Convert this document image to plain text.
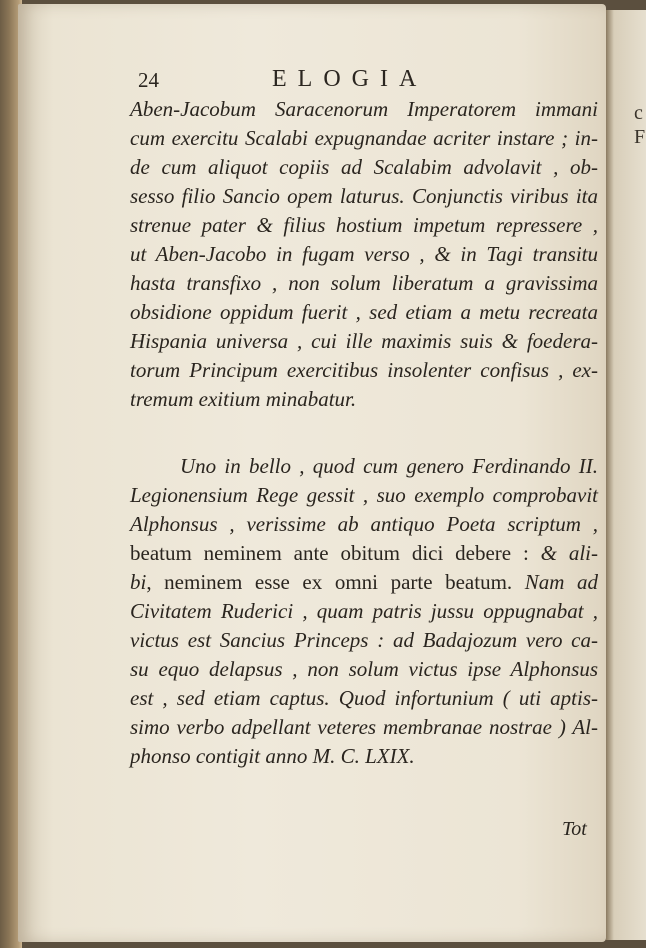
c
F
24	ELOGIA
Aben-Jacobum Saracenorum Imperatorem immani
cum exercitu Scalabi expugnandae acriter instare ; in-
de cum aliquot copiis ad Scalabim advolavit , ob-
sesso filio Sancio opem laturus. Conjunctis viribus ita
strenue pater & filius hostium impetum repressere ,
ut Aben-Jacobo in fugam verso , & in Tagi transitu
hasta transfixo , non solum liberatum a gravissima
obsidione oppidum fuerit , sed etiam a metu recreata
Hispania universa , cui ille maximis suis & foedera-
torum Principum exercitibus insolenter confisus , ex-
tremum exitium minabatur.
Uno in bello , quod cum genero Ferdinando II.
Legionensium Rege gessit , suo exemplo comprobavit
Alphonsus , verissime ab antiquo Poeta scriptum ,
beatum neminem ante obitum dici debere : & ali-
bi, neminem esse ex omni parte beatum. Nam ad
Civitatem Ruderici , quam patris jussu oppugnabat ,
victus est Sancius Princeps : ad Badajozum vero ca-
su equo delapsus , non solum victus ipse Alphonsus
est , sed etiam captus. Quod infortunium ( uti aptis-
simo verbo adpellant veteres membranae nostrae ) Al-
phonso contigit anno M. C. LXIX.
Tot
